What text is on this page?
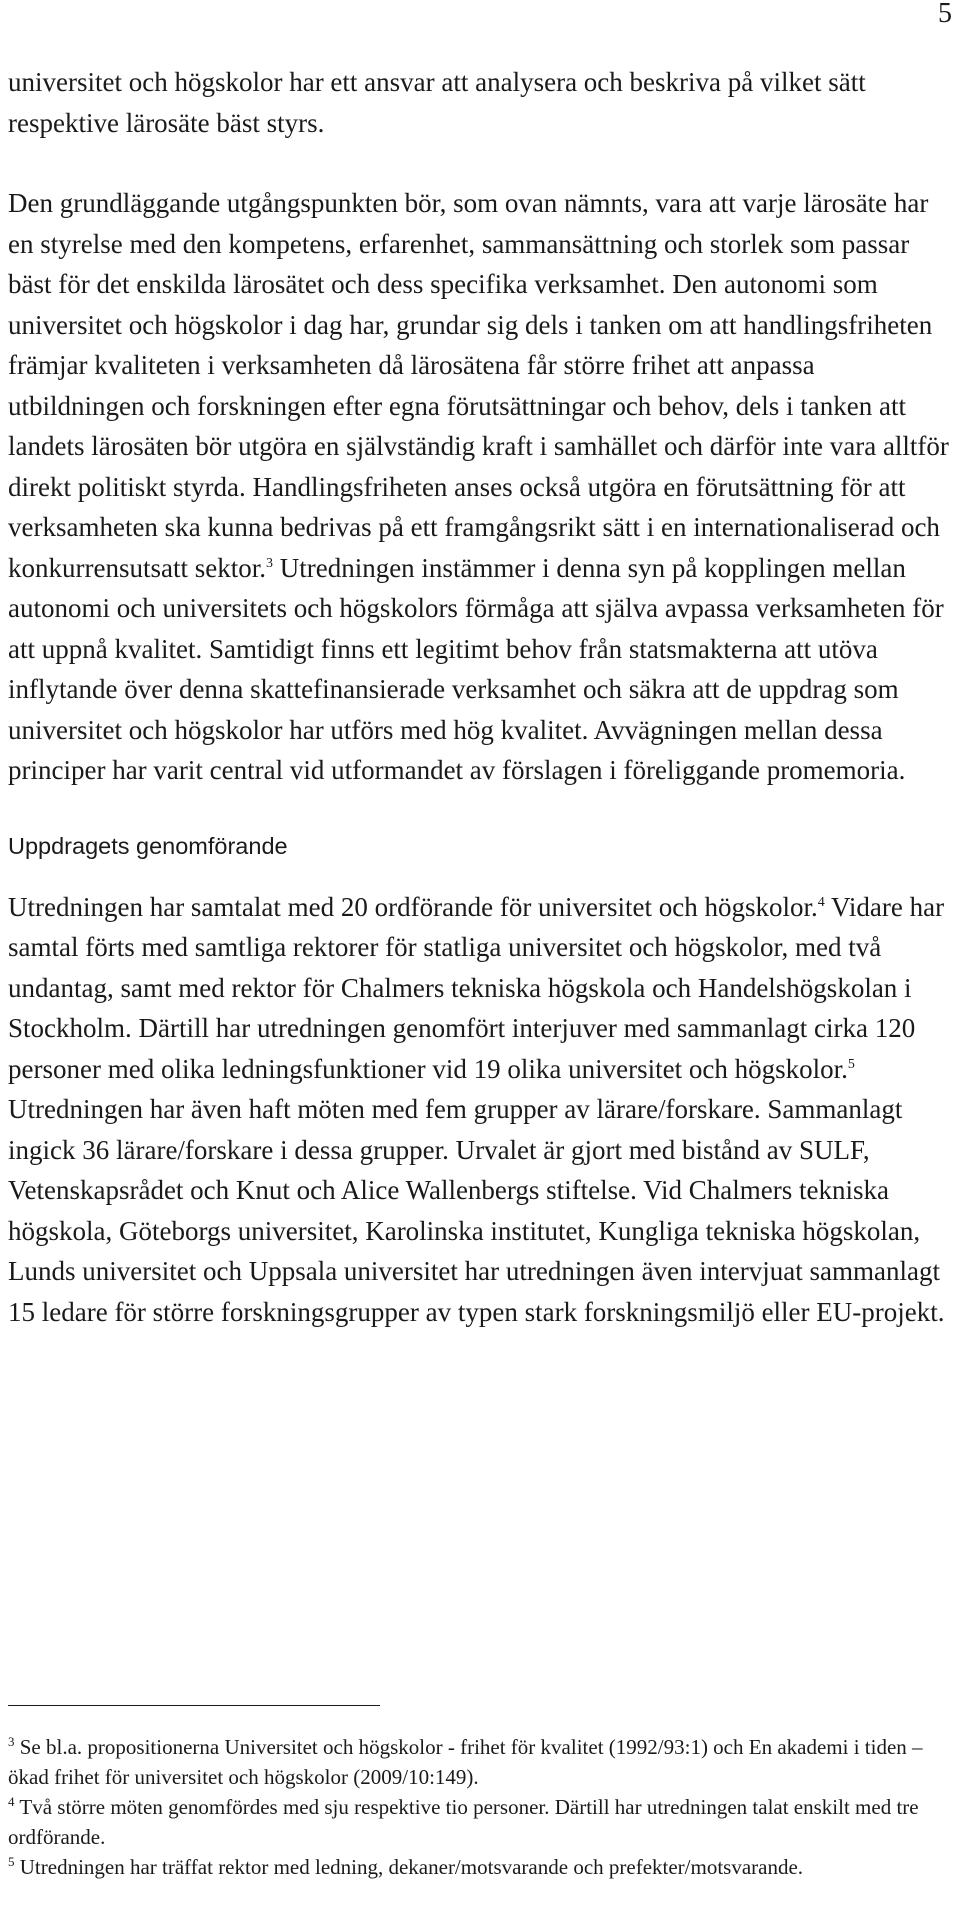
5

universitet och högskolor har ett ansvar att analysera och beskriva på vilket sätt respektive lärosäte bäst styrs.

Den grundläggande utgångspunkten bör, som ovan nämnts, vara att varje lärosäte har en styrelse med den kompetens, erfarenhet, sammansättning och storlek som passar bäst för det enskilda lärosätet och dess specifika verksamhet. Den autonomi som universitet och högskolor i dag har, grundar sig dels i tanken om att handlingsfriheten främjar kvaliteten i verksamheten då lärosätena får större frihet att anpassa utbildningen och forskningen efter egna förutsättningar och behov, dels i tanken att landets lärosäten bör utgöra en självständig kraft i samhället och därför inte vara alltför direkt politiskt styrda. Handlingsfriheten anses också utgöra en förutsättning för att verksamheten ska kunna bedrivas på ett framgångsrikt sätt i en internationaliserad och konkurrensutsatt sektor.$^3$ Utredningen instämmer i denna syn på kopplingen mellan autonomi och universitets och högskolors förmåga att själva avpassa verksamheten för att uppnå kvalitet. Samtidigt finns ett legitimt behov från statsmakterna att utöva inflytande över denna skattefinansierade verksamhet och säkra att de uppdrag som universitet och högskolor har utförs med hög kvalitet. Avvägningen mellan dessa principer har varit central vid utformandet av förslagen i föreliggande promemoria.

Uppdragets genomförande

Utredningen har samtalat med 20 ordförande för universitet och högskolor.$^4$ Vidare har samtal förts med samtliga rektorer för statliga universitet och högskolor, med två undantag, samt med rektor för Chalmers tekniska högskola och Handelshögskolan i Stockholm. Därtill har utredningen genomfört interjuver med sammanlagt cirka 120 personer med olika ledningsfunktioner vid 19 olika universitet och högskolor.$^5$ Utredningen har även haft möten med fem grupper av lärare/forskare. Sammanlagt ingick 36 lärare/forskare i dessa grupper. Urvalet är gjort med bistånd av SULF, Vetenskapsrådet och Knut och Alice Wallenbergs stiftelse. Vid Chalmers tekniska högskola, Göteborgs universitet, Karolinska institutet, Kungliga tekniska högskolan, Lunds universitet och Uppsala universitet har utredningen även intervjuat sammanlagt 15 ledare för större forskningsgrupper av typen stark forskningsmiljö eller EU-projekt.

$^3$ Se bl.a. propositionerna Universitet och högskolor - frihet för kvalitet (1992/93:1) och En akademi i tiden – ökad frihet för universitet och högskolor (2009/10:149).

$^4$ Två större möten genomfördes med sju respektive tio personer. Därtill har utredningen talat enskilt med tre ordförande.

$^5$ Utredningen har träffat rektor med ledning, dekaner/motsvarande och prefekter/motsvarande.
